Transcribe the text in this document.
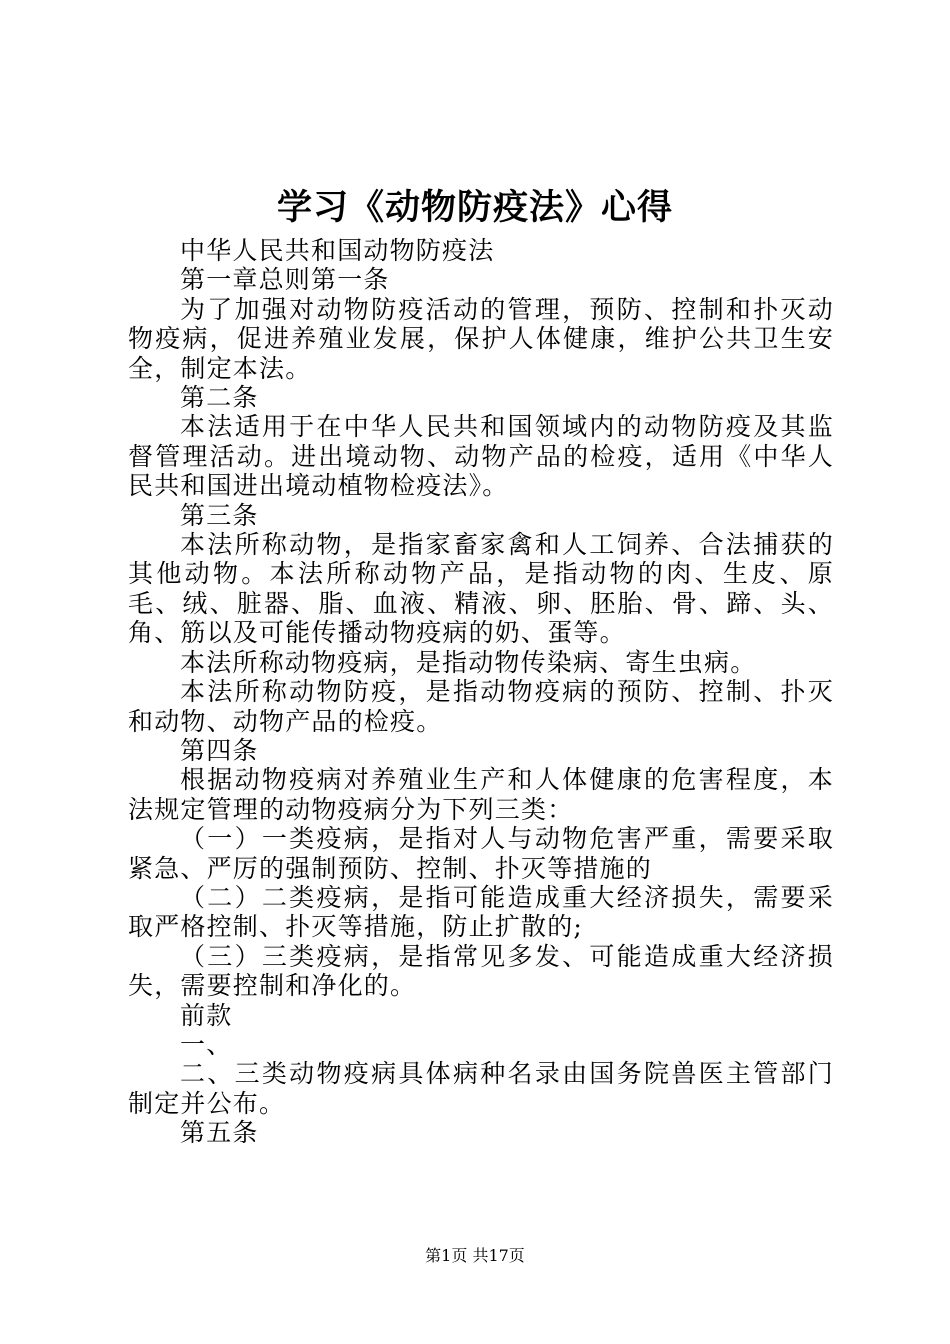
学习《动物防疫法》心得

中华人民共和国动物防疫法

第一章总则第一条

为了加强对动物防疫活动的管理，预防、控制和扑灭动物疫病，促进养殖业发展，保护人体健康，维护公共卫生安全，制定本法。

第二条

本法适用于在中华人民共和国领域内的动物防疫及其监督管理活动。进出境动物、动物产品的检疫，适用《中华人民共和国进出境动植物检疫法》。

第三条

本法所称动物，是指家畜家禽和人工饲养、合法捕获的其他动物。本法所称动物产品，是指动物的肉、生皮、原毛、绒、脏器、脂、血液、精液、卵、胚胎、骨、蹄、头、角、筋以及可能传播动物疫病的奶、蛋等。

本法所称动物疫病，是指动物传染病、寄生虫病。

本法所称动物防疫，是指动物疫病的预防、控制、扑灭和动物、动物产品的检疫。

第四条

根据动物疫病对养殖业生产和人体健康的危害程度，本法规定管理的动物疫病分为下列三类：

（一）一类疫病，是指对人与动物危害严重，需要采取紧急、严厉的强制预防、控制、扑灭等措施的

（二）二类疫病，是指可能造成重大经济损失，需要采取严格控制、扑灭等措施，防止扩散的;

（三）三类疫病，是指常见多发、可能造成重大经济损失，需要控制和净化的。

前款

一、

二、三类动物疫病具体病种名录由国务院兽医主管部门制定并公布。

第五条

第1页 共17页
